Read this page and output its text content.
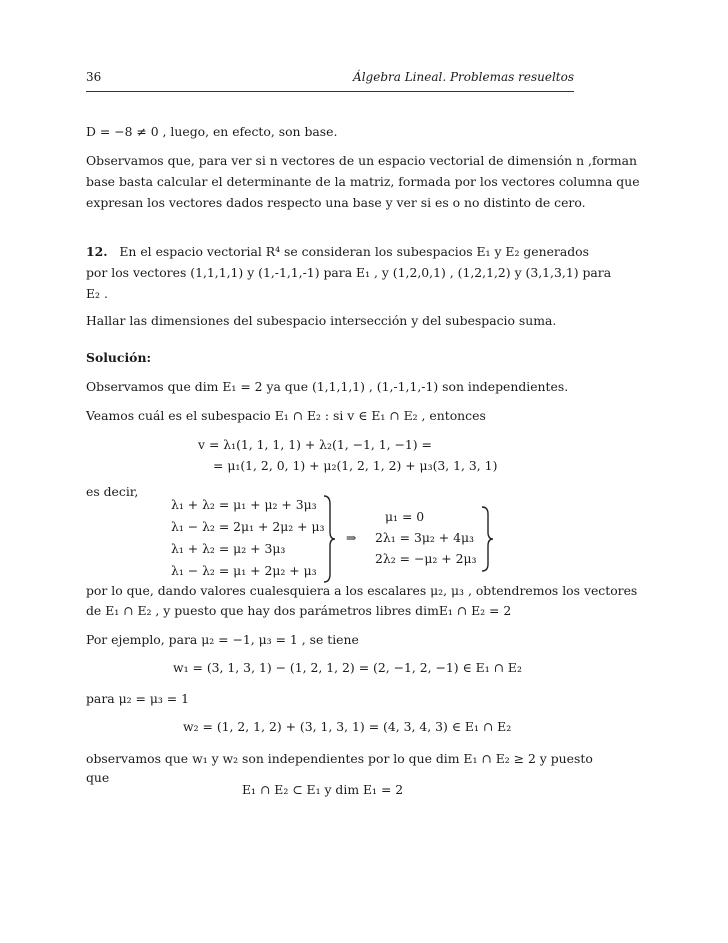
36	Álgebra Lineal. Problemas resueltos
D = −8 ≠ 0 , luego, en efecto, son base.
Observamos que, para ver si n vectores de un espacio vectorial de dimensión n ,forman
base basta calcular el determinante de la matriz, formada por los vectores columna que
expresan los vectores dados respecto una base y ver si es o no distinto de cero.
12. En el espacio vectorial R⁴ se consideran los subespacios E₁ y E₂ generados
por los vectores (1,1,1,1) y (1,-1,1,-1) para E₁ , y (1,2,0,1) , (1,2,1,2) y (3,1,3,1) para
E₂ .
Hallar las dimensiones del subespacio intersección y del subespacio suma.
Solución:
Observamos que dim E₁ = 2 ya que (1,1,1,1) , (1,-1,1,-1) son independientes.
Veamos cuál es el subespacio E₁ ∩ E₂ : si v ∈ E₁ ∩ E₂ , entonces
v = λ₁(1, 1, 1, 1) + λ₂(1, −1, 1, −1) =
= μ₁(1, 2, 0, 1) + μ₂(1, 2, 1, 2) + μ₃(3, 1, 3, 1)
es decir,
λ₁ + λ₂ = μ₁ + μ₂ + 3μ₃
λ₁ − λ₂ = 2μ₁ + 2μ₂ + μ₃
λ₁ + λ₂ = μ₂ + 3μ₃
λ₁ − λ₂ = μ₁ + 2μ₂ + μ₃
⇒
μ₁ = 0
2λ₁ = 3μ₂ + 4μ₃
2λ₂ = −μ₂ + 2μ₃
por lo que, dando valores cualesquiera a los escalares μ₂, μ₃ , obtendremos los vectores
de E₁ ∩ E₂ , y puesto que hay dos parámetros libres dimE₁ ∩ E₂ = 2
Por ejemplo, para μ₂ = −1, μ₃ = 1 , se tiene
w₁ = (3, 1, 3, 1) − (1, 2, 1, 2) = (2, −1, 2, −1) ∈ E₁ ∩ E₂
para μ₂ = μ₃ = 1
w₂ = (1, 2, 1, 2) + (3, 1, 3, 1) = (4, 3, 4, 3) ∈ E₁ ∩ E₂
observamos que w₁ y w₂ son independientes por lo que dim E₁ ∩ E₂ ≥ 2 y puesto
que
E₁ ∩ E₂ ⊂ E₁ y dim E₁ = 2
